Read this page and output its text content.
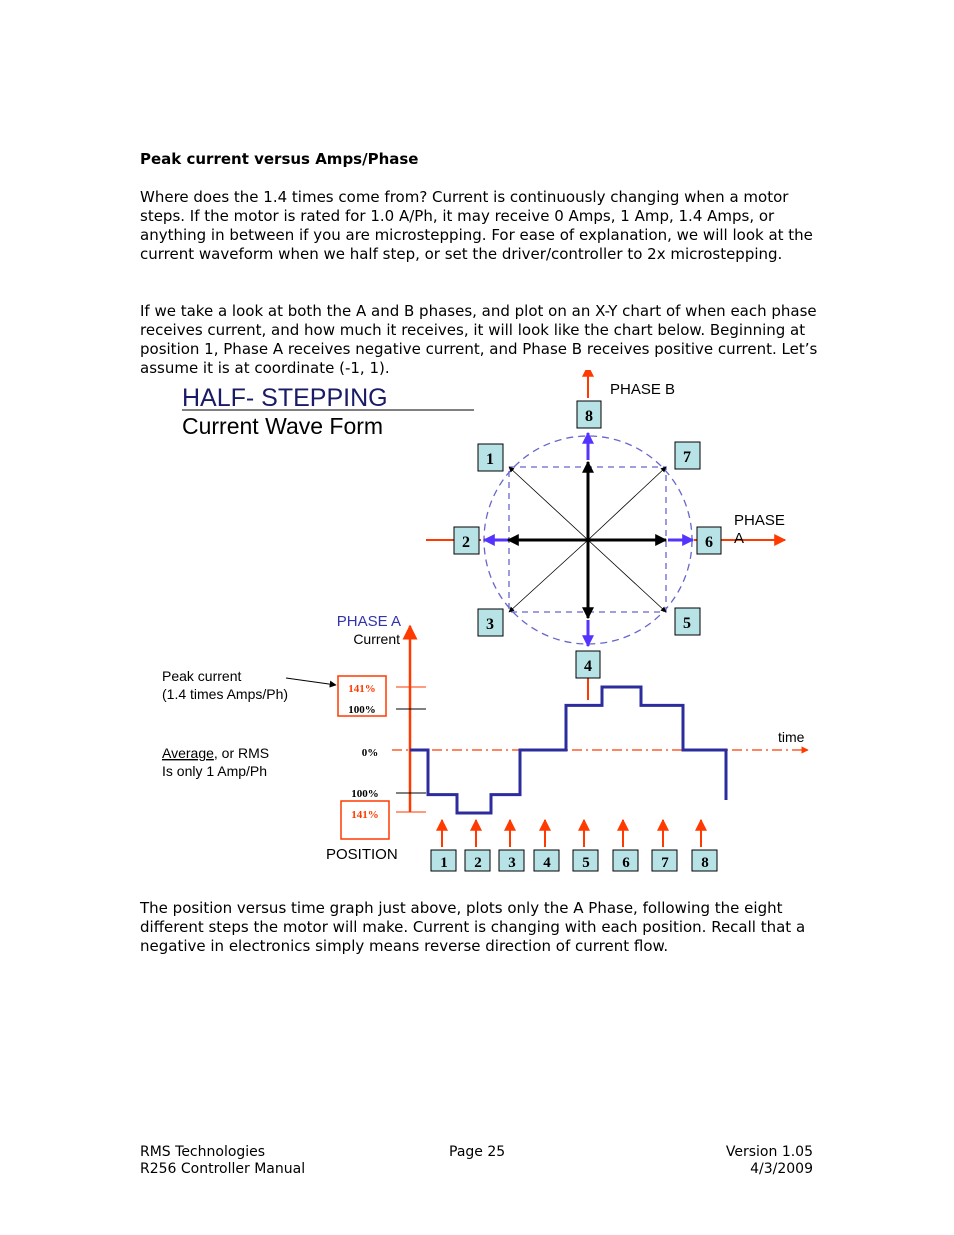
Peak current versus Amps/Phase

Where does the 1.4 times come from? Current is continuously changing when a motor steps. If the motor is rated for 1.0 A/Ph, it may receive 0 Amps, 1 Amp, 1.4 Amps, or anything in between if you are microstepping. For ease of explanation, we will look at the current waveform when we half step, or set the driver/controller to 2x microstepping.

If we take a look at both the A and B phases, and plot on an X-Y chart of when each phase receives current, and how much it receives, it will look like the chart below. Beginning at position 1, Phase A receives negative current, and Phase B receives positive current. Let’s assume it is at coordinate (-1, 1).

HALF- STEPPING
Current Wave Form
PHASE B
PHASE
A
8
1	7
2	6
3	5
4
PHASE A
Current
Peak current
(1.4 times Amps/Ph)
Average, or RMS
Is only 1 Amp/Ph
time
POSITION
141%
100%
0%
100%
141%
1 2 3 4 5 6 7 8

The position versus time graph just above, plots only the A Phase, following the eight different steps the motor will make. Current is changing with each position. Recall that a negative in electronics simply means reverse direction of current flow.

RMS Technologies
R256 Controller Manual
Page 25	Version 1.05
4/3/2009
